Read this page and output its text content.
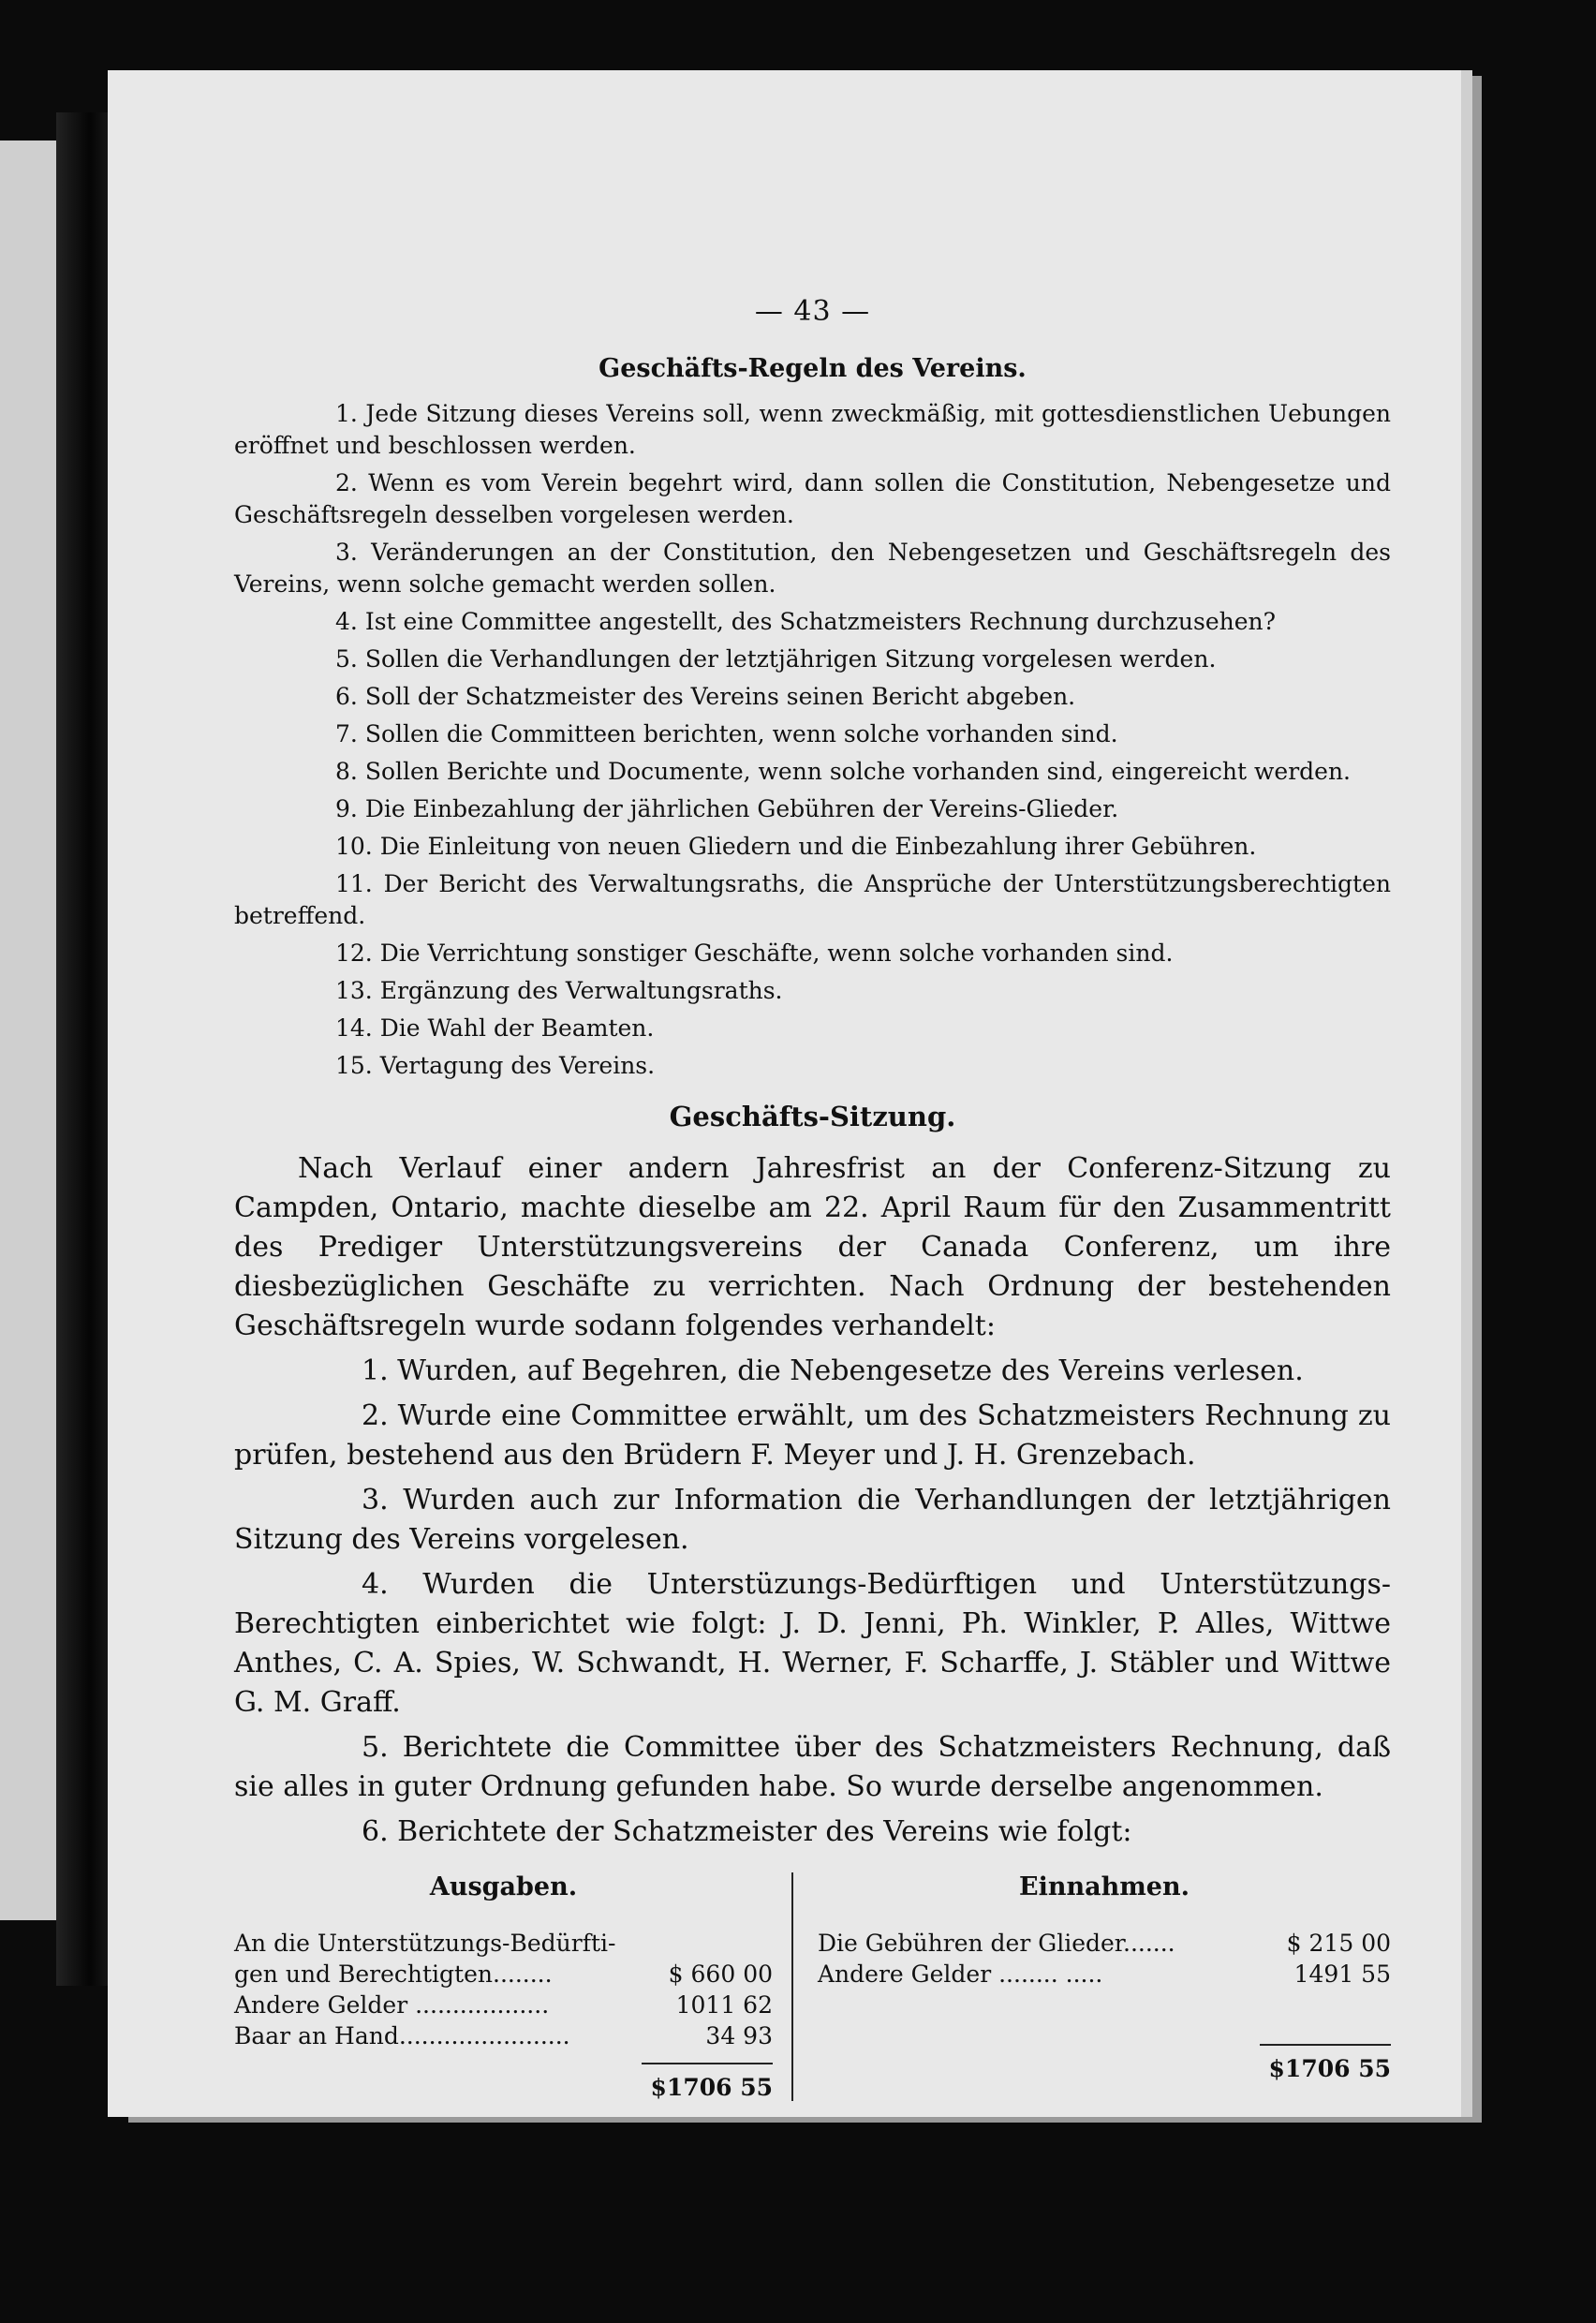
— 43 —
Geschäfts-Regeln des Vereins.

1. Jede Sitzung dieses Vereins soll, wenn zweckmäßig, mit gottesdienstlichen Uebungen eröffnet und beschlossen werden.

2. Wenn es vom Verein begehrt wird, dann sollen die Constitution, Nebengesetze und Geschäftsregeln desselben vorgelesen werden.

3. Veränderungen an der Constitution, den Nebengesetzen und Geschäftsregeln des Vereins, wenn solche gemacht werden sollen.

4. Ist eine Committee angestellt, des Schatzmeisters Rechnung durchzusehen?

5. Sollen die Verhandlungen der letztjährigen Sitzung vorgelesen werden.

6. Soll der Schatzmeister des Vereins seinen Bericht abgeben.

7. Sollen die Committeen berichten, wenn solche vorhanden sind.

8. Sollen Berichte und Documente, wenn solche vorhanden sind, eingereicht werden.

9. Die Einbezahlung der jährlichen Gebühren der Vereins-Glieder.

10. Die Einleitung von neuen Gliedern und die Einbezahlung ihrer Gebühren.

11. Der Bericht des Verwaltungsraths, die Ansprüche der Unterstützungsberechtigten betreffend.

12. Die Verrichtung sonstiger Geschäfte, wenn solche vorhanden sind.

13. Ergänzung des Verwaltungsraths.

14. Die Wahl der Beamten.

15. Vertagung des Vereins.

Geschäfts-Sitzung.

Nach Verlauf einer andern Jahresfrist an der Conferenz-Sitzung zu Campden, Ontario, machte dieselbe am 22. April Raum für den Zusammentritt des Prediger Unterstützungsvereins der Canada Conferenz, um ihre diesbezüglichen Geschäfte zu verrichten. Nach Ordnung der bestehenden Geschäftsregeln wurde sodann folgendes verhandelt:

1. Wurden, auf Begehren, die Nebengesetze des Vereins verlesen.

2. Wurde eine Committee erwählt, um des Schatzmeisters Rechnung zu prüfen, bestehend aus den Brüdern F. Meyer und J. H. Grenzebach.

3. Wurden auch zur Information die Verhandlungen der letztjährigen Sitzung des Vereins vorgelesen.

4. Wurden die Unterstüzungs-Bedürftigen und Unterstützungs-Berechtigten einberichtet wie folgt: J. D. Jenni, Ph. Winkler, P. Alles, Wittwe Anthes, C. A. Spies, W. Schwandt, H. Werner, F. Scharffe, J. Stäbler und Wittwe G. M. Graff.

5. Berichtete die Committee über des Schatzmeisters Rechnung, daß sie alles in guter Ordnung gefunden habe. So wurde derselbe angenommen.

6. Berichtete der Schatzmeister des Vereins wie folgt:

Ausgaben.
An die Unterstützungs-Bedürfti-
gen und Berechtigten........	$ 660 00
Andere Gelder ..................	1011 62
Baar an Hand.......................	34 93
$1706 55
Einnahmen.
Die Gebühren der Glieder.......	$ 215 00
Andere Gelder ........ .....	1491 55
$1706 55
